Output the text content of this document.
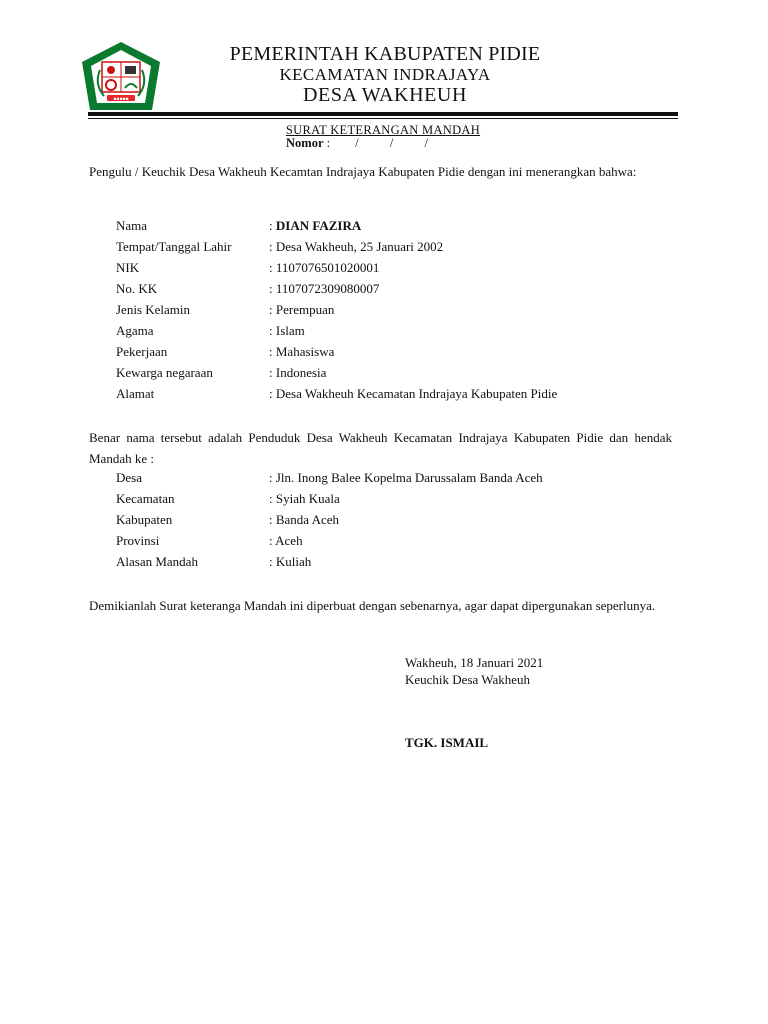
▪▪▪▪▪
PEMERINTAH KABUPATEN PIDIE
KECAMATAN INDRAJAYA
DESA WAKHEUH
SURAT KETERANGAN MANDAH
Nomor :        /          /          /
Pengulu / Keuchik Desa Wakheuh Kecamtan Indrajaya Kabupaten Pidie dengan ini menerangkan bahwa:
Nama	: DIAN FAZIRA
Tempat/Tanggal Lahir	: Desa Wakheuh, 25 Januari 2002
NIK	: 1107076501020001
No. KK	: 1107072309080007
Jenis Kelamin	: Perempuan
Agama	: Islam
Pekerjaan	: Mahasiswa
Kewarga negaraan	: Indonesia
Alamat	: Desa Wakheuh Kecamatan Indrajaya Kabupaten Pidie
Benar nama tersebut adalah Penduduk Desa Wakheuh Kecamatan Indrajaya Kabupaten Pidie dan hendak Mandah ke :
Desa	: Jln. Inong Balee Kopelma Darussalam Banda Aceh
Kecamatan	: Syiah Kuala
Kabupaten	: Banda Aceh
Provinsi	: Aceh
Alasan Mandah	: Kuliah
Demikianlah Surat keteranga Mandah ini diperbuat dengan sebenarnya, agar dapat dipergunakan seperlunya.
Wakheuh, 18 Januari 2021
Keuchik Desa Wakheuh
TGK. ISMAIL
